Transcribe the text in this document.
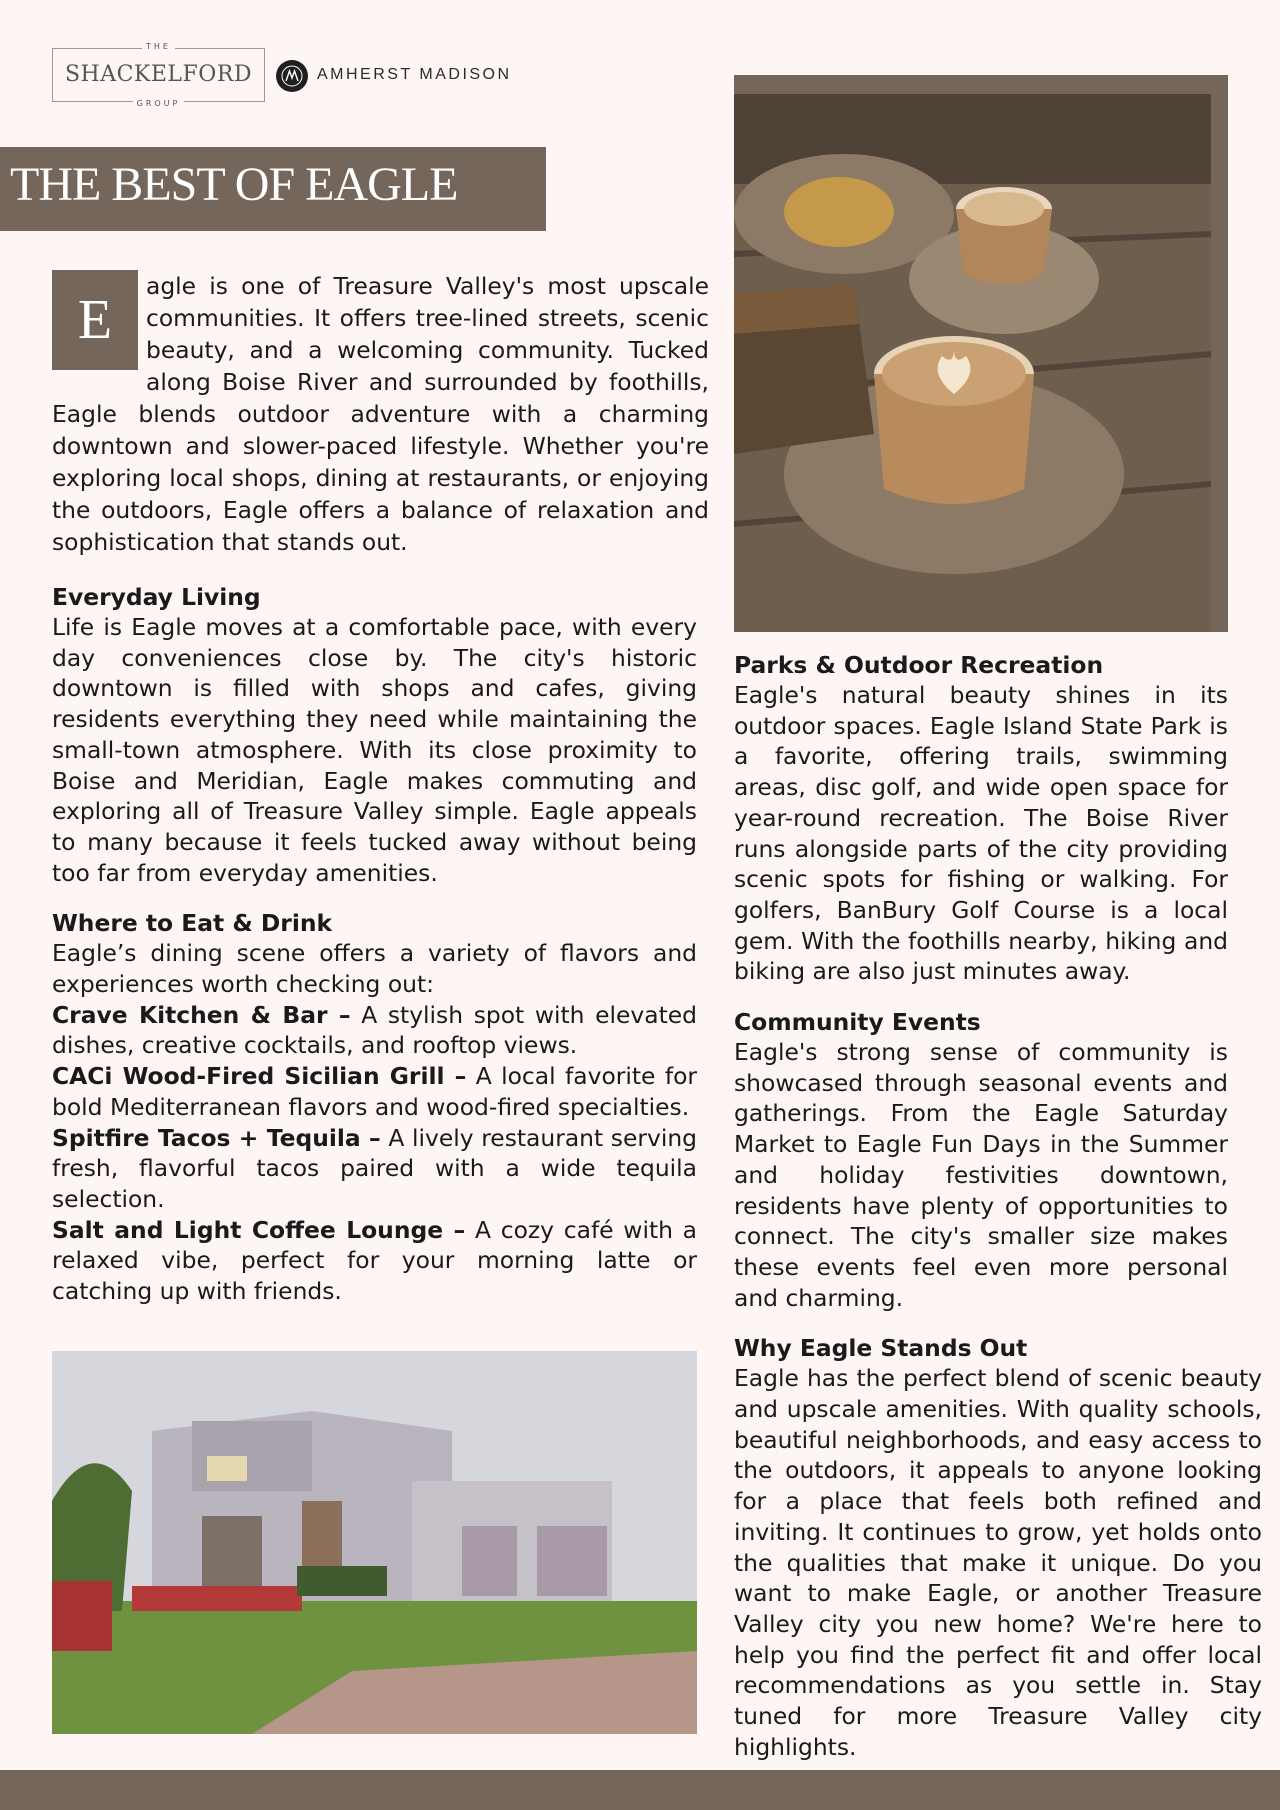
THE
SHACKELFORD
GROUP
AMHERST MADISON
THE BEST OF EAGLE
E

agle is one of Treasure Valley's most upscale communities. It offers tree-lined streets, scenic beauty, and a welcoming community. Tucked along Boise River and surrounded by foothills, Eagle blends outdoor adventure with a charming downtown and slower-paced lifestyle. Whether you're exploring local shops, dining at restaurants, or enjoying the outdoors, Eagle offers a balance of relaxation and sophistication that stands out.

Everyday Living

Life is Eagle moves at a comfortable pace, with every day conveniences close by. The city's historic downtown is filled with shops and cafes, giving residents everything they need while maintaining the small-town atmosphere. With its close proximity to Boise and Meridian, Eagle makes commuting and exploring all of Treasure Valley simple. Eagle appeals to many because it feels tucked away without being too far from everyday amenities.

Where to Eat & Drink

Eagle’s dining scene offers a variety of flavors and experiences worth checking out:

Crave Kitchen & Bar – A stylish spot with elevated dishes, creative cocktails, and rooftop views.

CACi Wood-Fired Sicilian Grill – A local favorite for bold Mediterranean flavors and wood-fired specialties.

Spitfire Tacos + Tequila – A lively restaurant serving fresh, flavorful tacos paired with a wide tequila selection.

Salt and Light Coffee Lounge – A cozy café with a relaxed vibe, perfect for your morning latte or catching up with friends.

Parks & Outdoor Recreation

Eagle's natural beauty shines in its outdoor spaces. Eagle Island State Park is a favorite, offering trails, swimming areas, disc golf, and wide open space for year-round recreation. The Boise River runs alongside parts of the city providing scenic spots for fishing or walking. For golfers, BanBury Golf Course is a local gem. With the foothills nearby, hiking and biking are also just minutes away.

Community Events

Eagle's strong sense of community is showcased through seasonal events and gatherings. From the Eagle Saturday Market to Eagle Fun Days in the Summer and holiday festivities downtown, residents have plenty of opportunities to connect. The city's smaller size makes these events feel even more personal and charming.

Why Eagle Stands Out

Eagle has the perfect blend of scenic beauty and upscale amenities. With quality schools, beautiful neighborhoods, and easy access to the outdoors, it appeals to anyone looking for a place that feels both refined and inviting. It continues to grow, yet holds onto the qualities that make it unique. Do you want to make Eagle, or another Treasure Valley city you new home? We're here to help you find the perfect fit and offer local recommendations as you settle in. Stay tuned for more Treasure Valley city highlights.
